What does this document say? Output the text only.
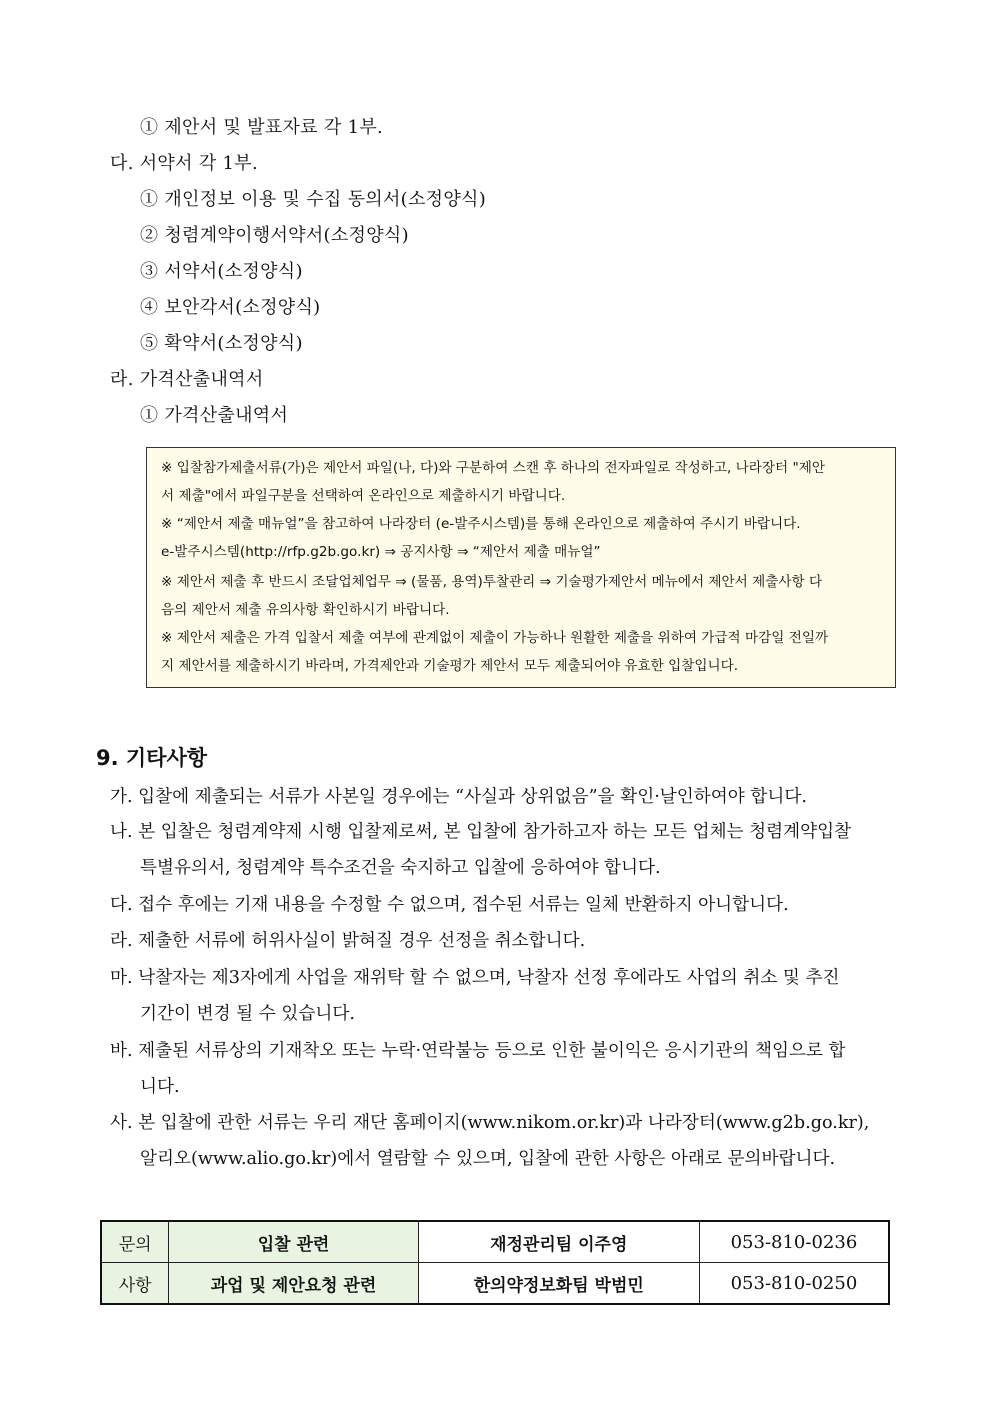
① 제안서 및 발표자료 각 1부.
다. 서약서 각 1부.
① 개인정보 이용 및 수집 동의서(소정양식)
② 청렴계약이행서약서(소정양식)
③ 서약서(소정양식)
④ 보안각서(소정양식)
⑤ 확약서(소정양식)
라. 가격산출내역서
① 가격산출내역서
※ 입찰참가제출서류(가)은 제안서 파일(나, 다)와 구분하여 스캔 후 하나의 전자파일로 작성하고, 나라장터 "제안
서 제출"에서 파일구분을 선택하여 온라인으로 제출하시기 바랍니다.
※ “제안서 제출 매뉴얼”을 참고하여 나라장터 (e-발주시스템)를 통해 온라인으로 제출하여 주시기 바랍니다.
e-발주시스템(http://rfp.g2b.go.kr) ⇒ 공지사항 ⇒ “제안서 제출 매뉴얼”
※ 제안서 제출 후 반드시 조달업체업무 ⇒ (물품, 용역)투찰관리 ⇒ 기술평가제안서 메뉴에서 제안서 제출사항 다
음의 제안서 제출 유의사항 확인하시기 바랍니다.
※ 제안서 제출은 가격 입찰서 제출 여부에 관계없이 제출이 가능하나 원활한 제출을 위하여 가급적 마감일 전일까
지 제안서를 제출하시기 바라며, 가격제안과 기술평가 제안서 모두 제출되어야 유효한 입찰입니다.
9. 기타사항
가. 입찰에 제출되는 서류가 사본일 경우에는 “사실과 상위없음”을 확인·날인하여야 합니다.
나. 본 입찰은 청렴계약제 시행 입찰제로써, 본 입찰에 참가하고자 하는 모든 업체는 청렴계약입찰
특별유의서, 청렴계약 특수조건을 숙지하고 입찰에 응하여야 합니다.
다. 접수 후에는 기재 내용을 수정할 수 없으며, 접수된 서류는 일체 반환하지 아니합니다.
라. 제출한 서류에 허위사실이 밝혀질 경우 선정을 취소합니다.
마. 낙찰자는 제3자에게 사업을 재위탁 할 수 없으며, 낙찰자 선정 후에라도 사업의 취소 및 추진
기간이 변경 될 수 있습니다.
바. 제출된 서류상의 기재착오 또는 누락·연락불능 등으로 인한 불이익은 응시기관의 책임으로 합
니다.
사. 본 입찰에 관한 서류는 우리 재단 홈페이지(www.nikom.or.kr)과 나라장터(www.g2b.go.kr),
알리오(www.alio.go.kr)에서 열람할 수 있으며, 입찰에 관한 사항은 아래로 문의바랍니다.
문의	입찰 관련	재정관리팀 이주영	053-810-0236
사항	과업 및 제안요청 관련	한의약정보화팀 박범민	053-810-0250
